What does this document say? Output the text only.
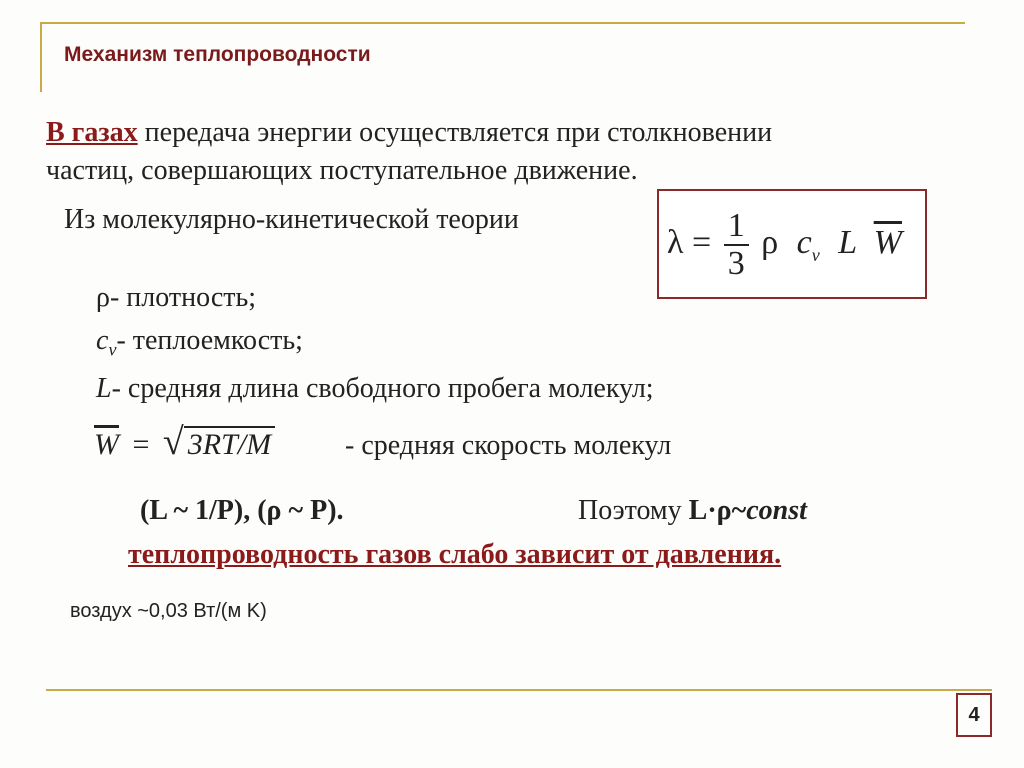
Механизм теплопроводности
В газах передача энергии осуществляется при столкновении
частиц, совершающих поступательное движение.
Из молекулярно-кинетической теории
$\lambda = \frac{1}{3}$ ρ $c_v$ L $\overline{W}$
ρ- плотность;
$c_v-$ теплоемкость;
L- средняя длина свободного пробега молекул;
$\overline{W}$ = √ 3RT/M	- средняя скорость молекул
(L ~ 1/P), (ρ ~ P).	Поэтому L·ρ~const
теплопроводность газов слабо зависит от давления.
воздух ~0,03 Вт/(м K)
4
